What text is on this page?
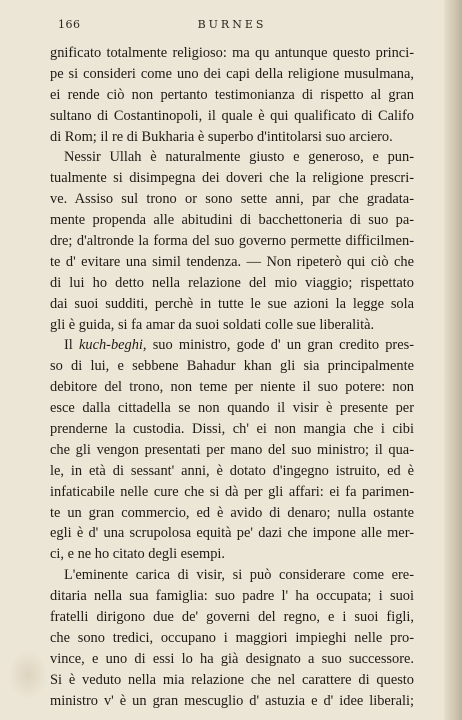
166	BURNES
gnificato totalmente religioso: ma qu antunque questo princi-
pe si consideri come uno dei capi della religione musulmana,
ei rende ciò non pertanto testimonianza di rispetto al gran
sultano di Costantinopoli, il quale è qui qualificato di Califo
di Rom; il re di Bukharia è superbo d'intitolarsi suo arciero.
Nessir Ullah è naturalmente giusto e generoso, e pun-
tualmente si disimpegna dei doveri che la religione prescri-
ve. Assiso sul trono or sono sette anni, par che gradata-
mente propenda alle abitudini di bacchettoneria di suo pa-
dre; d'altronde la forma del suo governo permette difficilmen-
te d' evitare una simil tendenza. — Non ripeterò qui ciò che
di lui ho detto nella relazione del mio viaggio; rispettato
dai suoi sudditi, perchè in tutte le sue azioni la legge sola
gli è guida, si fa amar da suoi soldati colle sue liberalità.
Il kuch-beghi, suo ministro, gode d' un gran credito pres-
so di lui, e sebbene Bahadur khan gli sia principalmente
debitore del trono, non teme per niente il suo potere: non
esce dalla cittadella se non quando il visir è presente per
prenderne la custodia. Dissi, ch' ei non mangia che i cibi
che gli vengon presentati per mano del suo ministro; il qua-
le, in età di sessant' anni, è dotato d'ingegno istruito, ed è
infaticabile nelle cure che si dà per gli affari: ei fa parimen-
te un gran commercio, ed è avido di denaro; nulla ostante
egli è d' una scrupolosa equità pe' dazi che impone alle mer-
ci, e ne ho citato degli esempi.
L'eminente carica di visir, si può considerare come ere-
ditaria nella sua famiglia: suo padre l' ha occupata; i suoi
fratelli dirigono due de' governi del regno, e i suoi figli,
che sono tredici, occupano i maggiori impieghi nelle pro-
vince, e uno di essi lo ha già designato a suo successore.
Si è veduto nella mia relazione che nel carattere di questo
ministro v' è un gran mescuglio d' astuzia e d' idee liberali;
